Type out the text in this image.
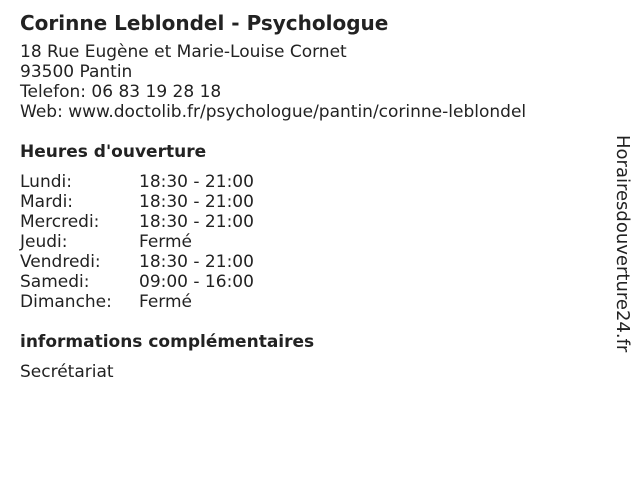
Corinne Leblondel - Psychologue
18 Rue Eugène et Marie-Louise Cornet
93500 Pantin
Telefon: 06 83 19 28 18
Web: www.doctolib.fr/psychologue/pantin/corinne-leblondel
Heures d'ouverture
Lundi:	18:30 - 21:00
Mardi:	18:30 - 21:00
Mercredi:	18:30 - 21:00
Jeudi:	Fermé
Vendredi:	18:30 - 21:00
Samedi:	09:00 - 16:00
Dimanche:	Fermé
informations complémentaires
Secrétariat
Horairesdouverture24.fr
